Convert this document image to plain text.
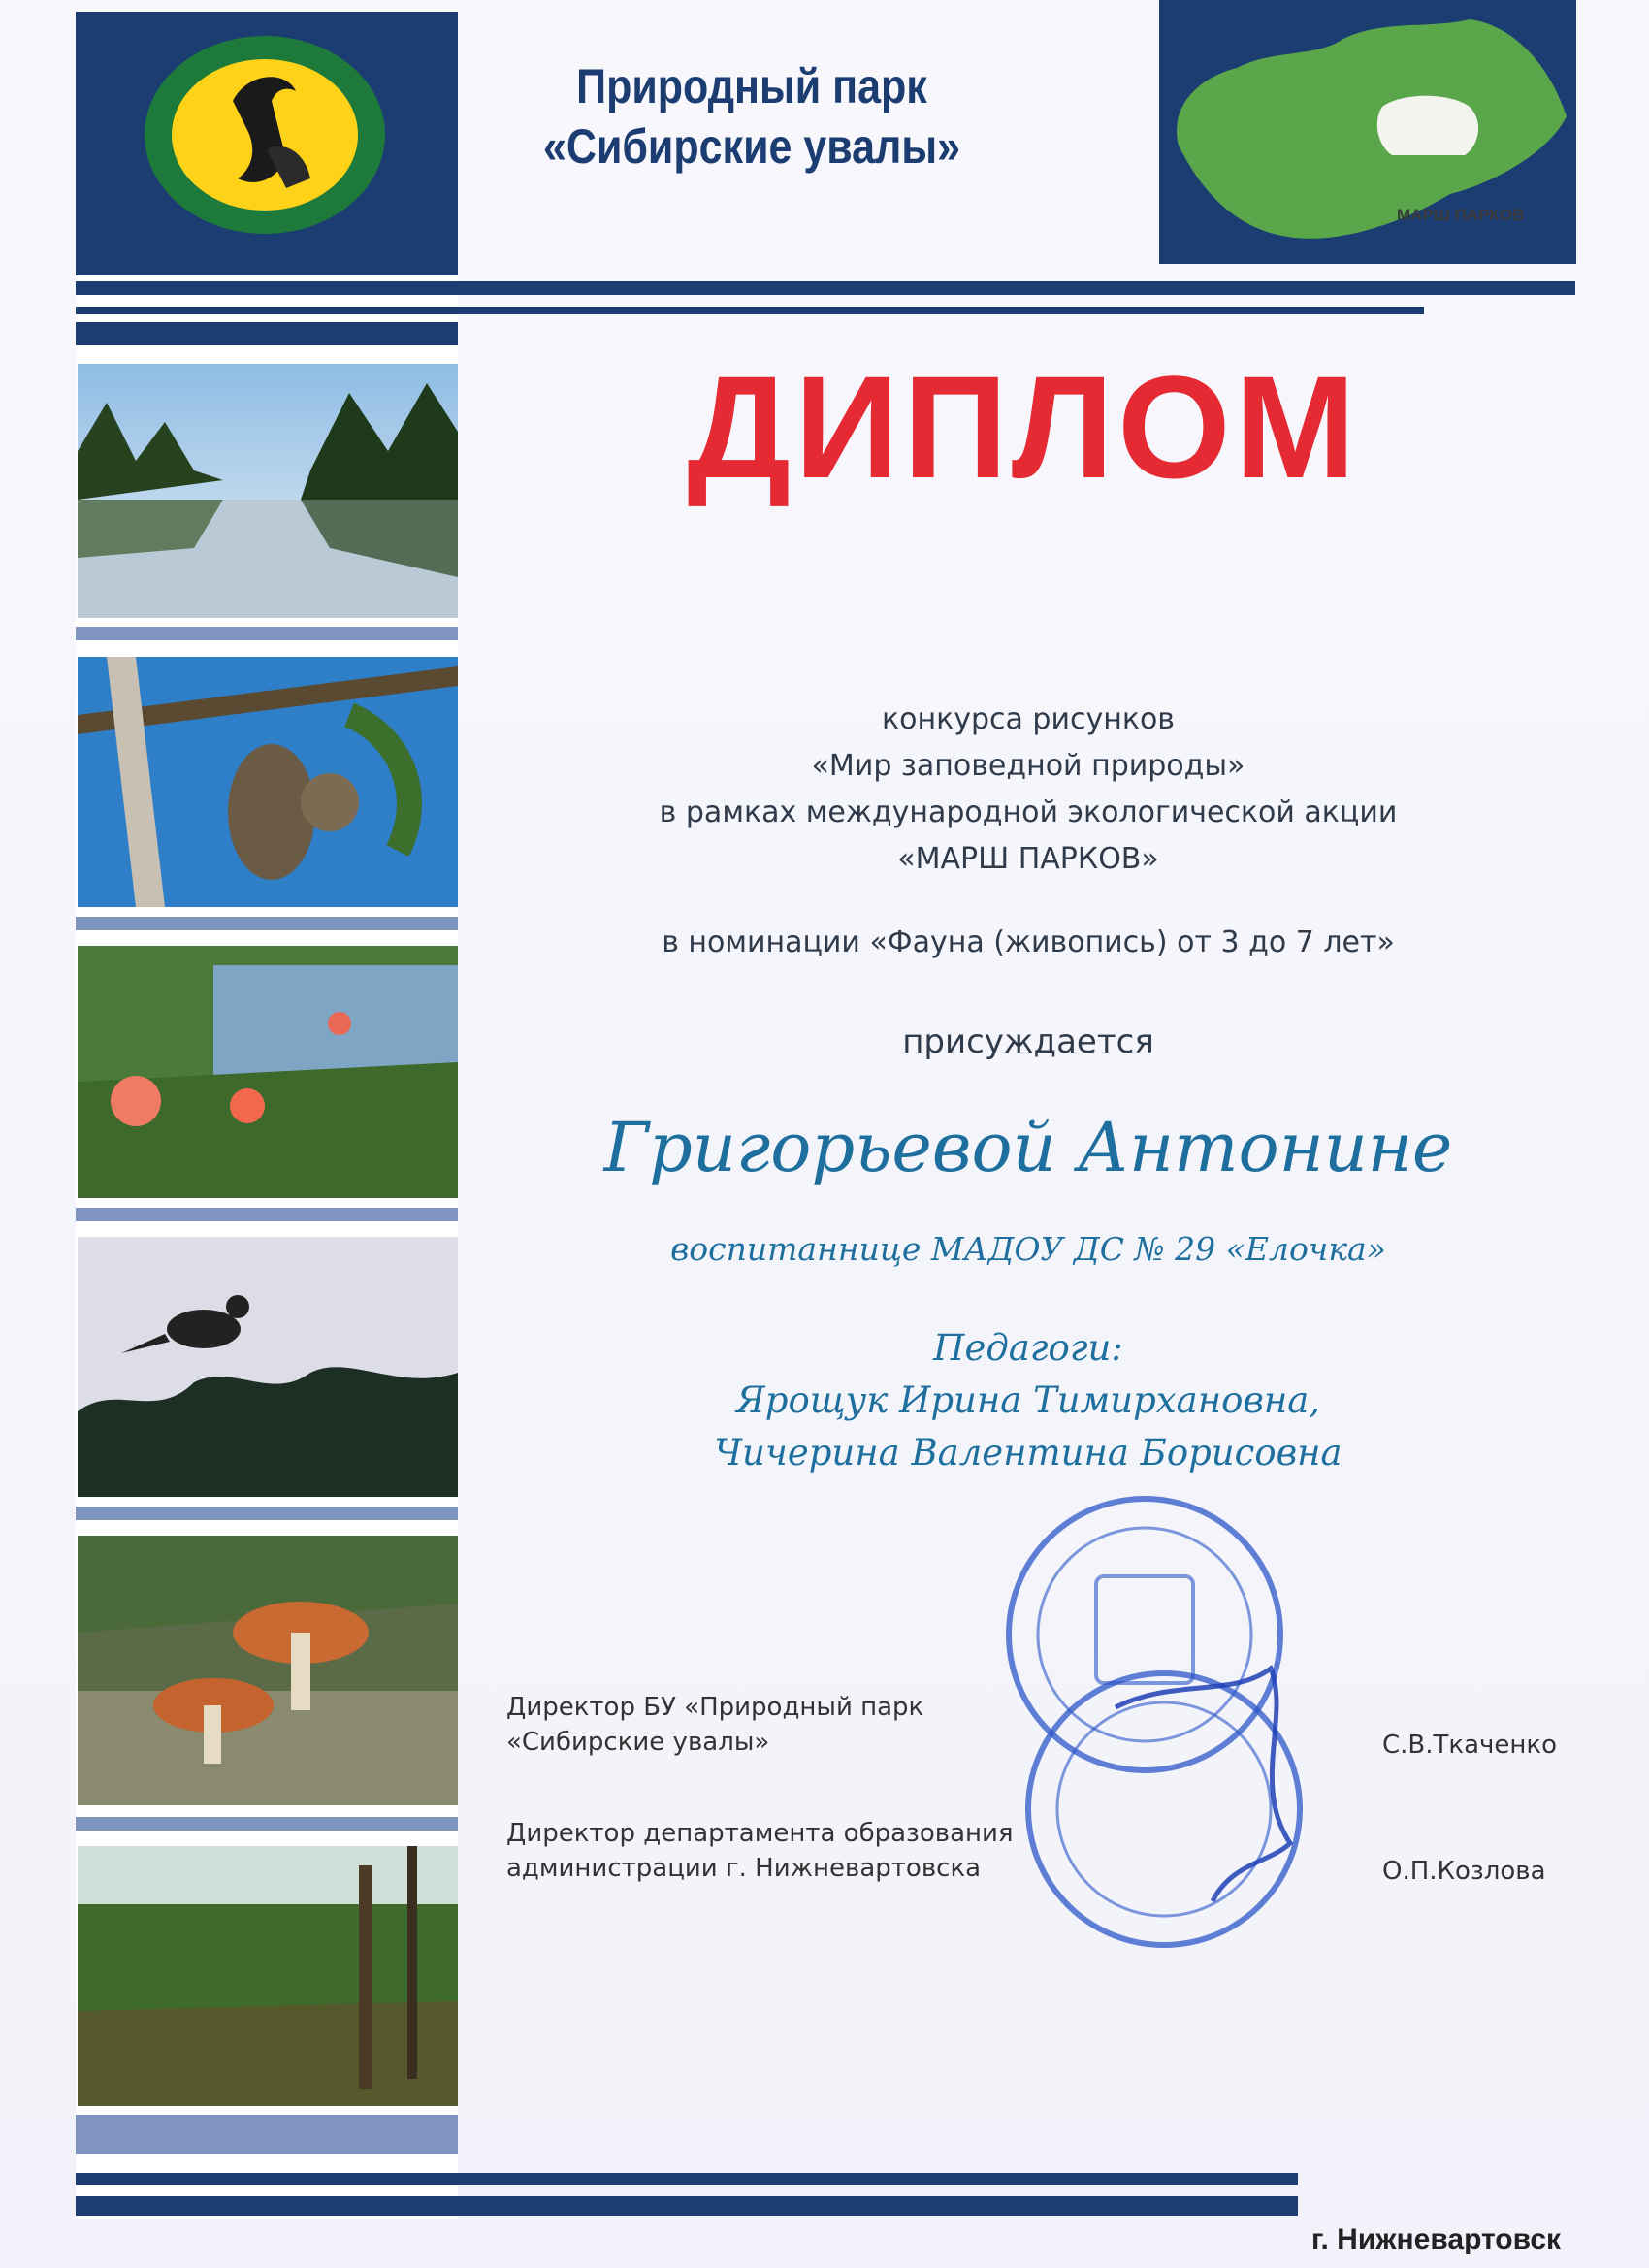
Природный парк
«Сибирские увалы»
МАРШ ПАРКОВ
ДИПЛОМ
конкурса рисунков
«Мир заповедной природы»
в рамках международной экологической акции
«МАРШ ПАРКОВ»
в номинации «Фауна (живопись) от 3 до 7 лет»
присуждается
Григорьевой Антонине
воспитаннице МАДОУ ДС № 29 «Елочка»
Педагоги:
Ярощук Ирина Тимирхановна,
Чичерина Валентина Борисовна
Директор БУ «Природный парк
«Сибирские увалы»	С.В.Ткаченко
Директор департамента образования
администрации г. Нижневартовска	О.П.Козлова
г. Нижневартовск
